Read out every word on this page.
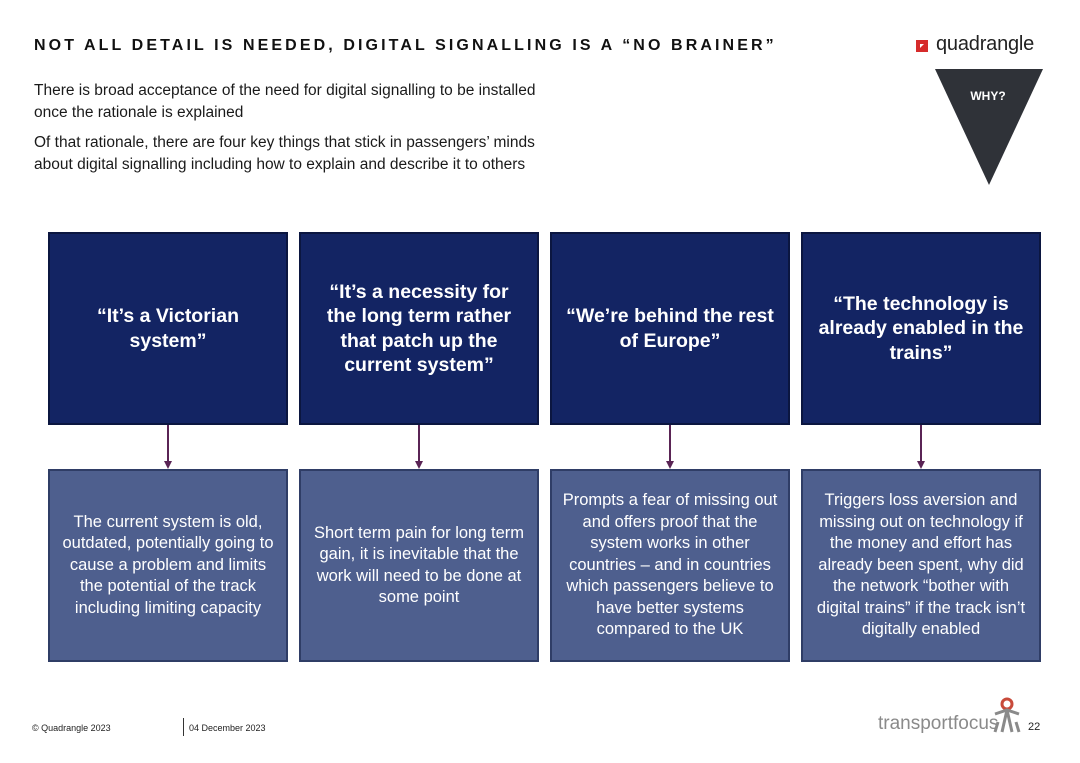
NOT ALL DETAIL IS NEEDED, DIGITAL SIGNALLING IS A “NO BRAINER”	quadrangle
WHY?

There is broad acceptance of the need for digital signalling to be installed once the rationale is explained

Of that rationale, there are four key things that stick in passengers’ minds about digital signalling including how to explain and describe it to others

“It’s a Victorian system”
The current system is old, outdated, potentially going to cause a problem and limits the potential of the track including limiting capacity
“It’s a necessity for the long term rather that patch up the current system”
Short term pain for long term gain, it is inevitable that the work will need to be done at some point
“We’re behind the rest of Europe”
Prompts a fear of missing out and offers proof that the system works in other countries – and in countries which passengers believe to have better systems compared to the UK
“The technology is already enabled in the trains”
Triggers loss aversion and missing out on technology if the money and effort has already been spent, why did the network “bother with digital trains” if the track isn’t digitally enabled
© Quadrangle 2023	04 December 2023	transportfocus	22
